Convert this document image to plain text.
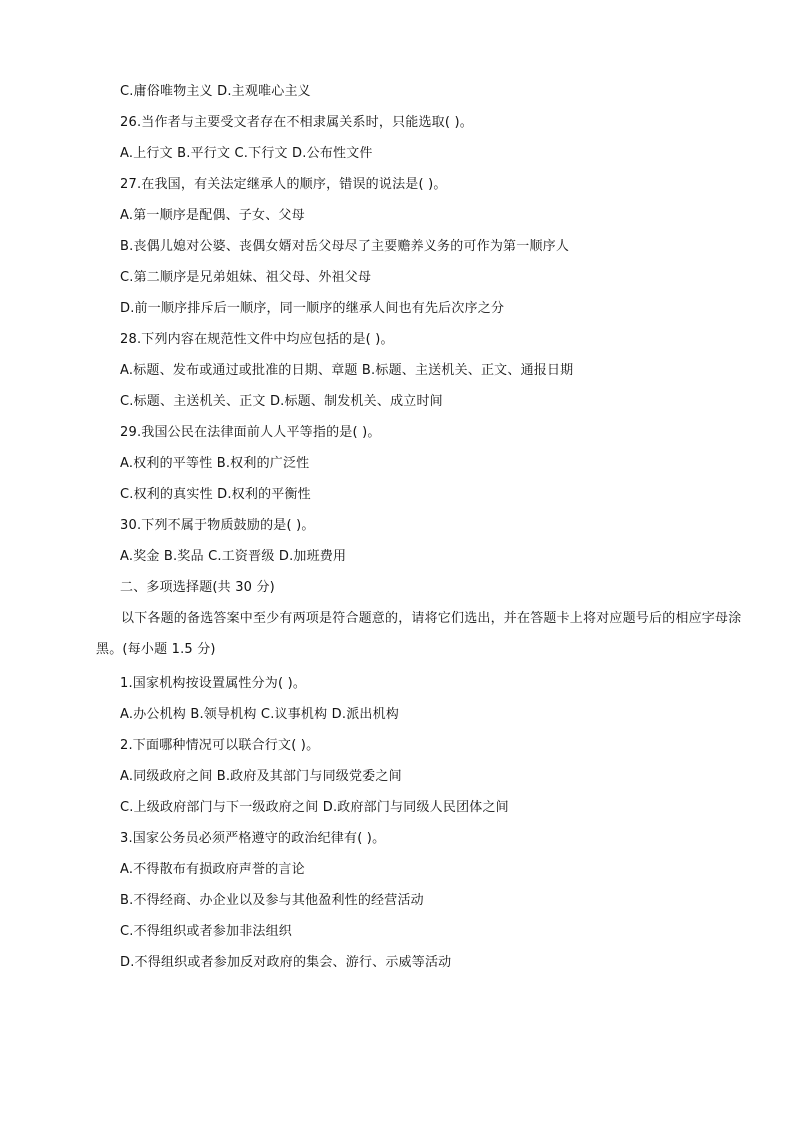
C.庸俗唯物主义 D.主观唯心主义
26.当作者与主要受文者存在不相隶属关系时，只能选取( )。
A.上行文 B.平行文 C.下行文 D.公布性文件
27.在我国，有关法定继承人的顺序，错误的说法是( )。
A.第一顺序是配偶、子女、父母
B.丧偶儿媳对公婆、丧偶女婿对岳父母尽了主要赡养义务的可作为第一顺序人
C.第二顺序是兄弟姐妹、祖父母、外祖父母
D.前一顺序排斥后一顺序，同一顺序的继承人间也有先后次序之分
28.下列内容在规范性文件中均应包括的是( )。
A.标题、发布或通过或批准的日期、章题 B.标题、主送机关、正文、通报日期
C.标题、主送机关、正文 D.标题、制发机关、成立时间
29.我国公民在法律面前人人平等指的是( )。
A.权利的平等性 B.权利的广泛性
C.权利的真实性 D.权利的平衡性
30.下列不属于物质鼓励的是( )。
A.奖金 B.奖品 C.工资晋级 D.加班费用
二、多项选择题(共 30 分)
以下各题的备选答案中至少有两项是符合题意的，请将它们选出，并在答题卡上将对应题号后的相应字母涂黑。(每小题 1.5 分)
1.国家机构按设置属性分为( )。
A.办公机构 B.领导机构 C.议事机构 D.派出机构
2.下面哪种情况可以联合行文( )。
A.同级政府之间 B.政府及其部门与同级党委之间
C.上级政府部门与下一级政府之间 D.政府部门与同级人民团体之间
3.国家公务员必须严格遵守的政治纪律有( )。
A.不得散布有损政府声誉的言论
B.不得经商、办企业以及参与其他盈利性的经营活动
C.不得组织或者参加非法组织
D.不得组织或者参加反对政府的集会、游行、示威等活动
